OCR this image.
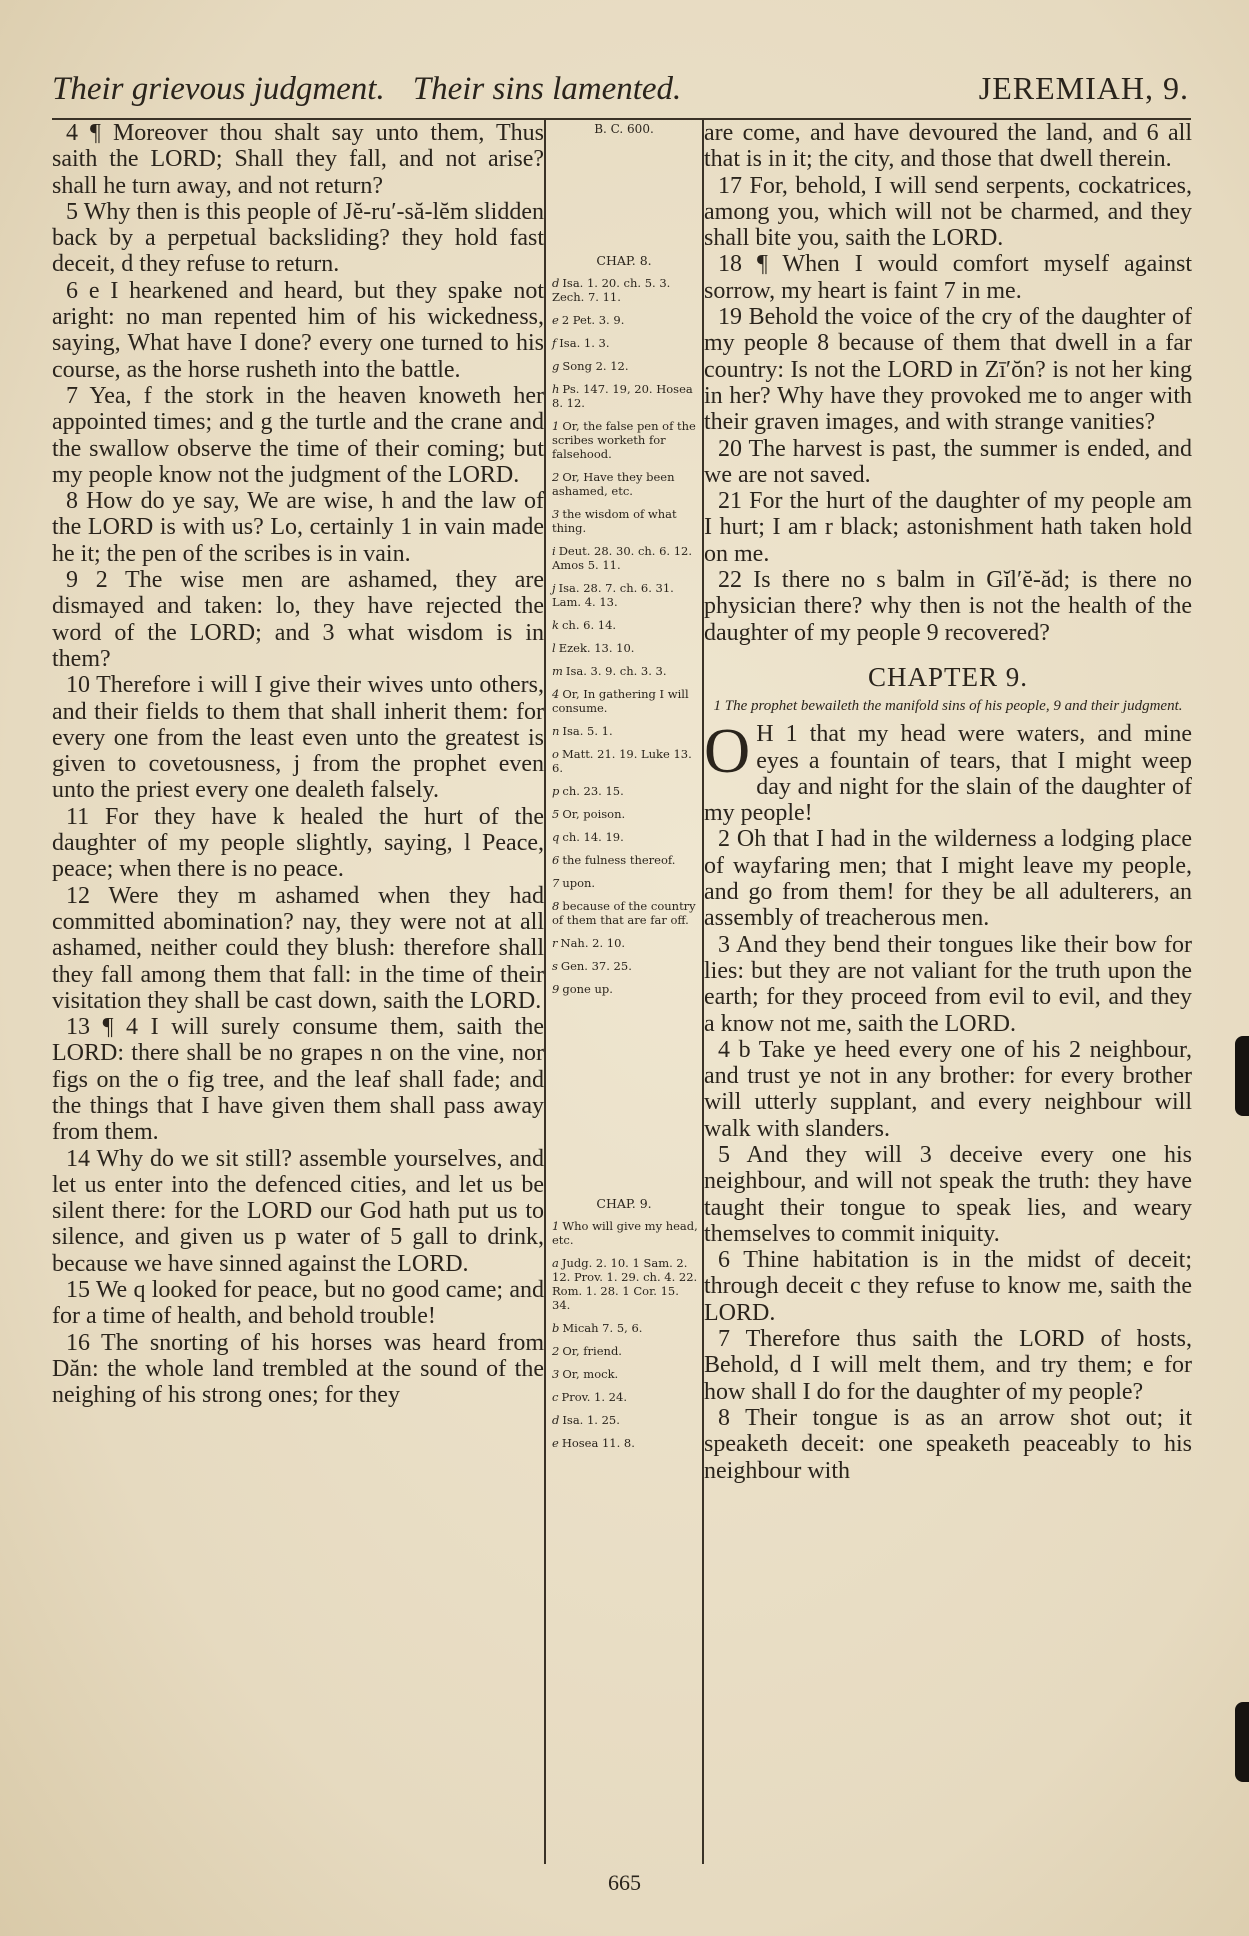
Their grievous judgment. Their sins lamented.	JEREMIAH, 9.

4 ¶ Moreover thou shalt say unto them, Thus saith the LORD; Shall they fall, and not arise? shall he turn away, and not return?

5 Why then is this people of Jĕ-ru′-să-lĕm slidden back by a perpetual backsliding? they hold fast deceit, d they refuse to return.

6 e I hearkened and heard, but they spake not aright: no man repented him of his wickedness, saying, What have I done? every one turned to his course, as the horse rusheth into the battle.

7 Yea, f the stork in the heaven knoweth her appointed times; and g the turtle and the crane and the swallow observe the time of their coming; but my people know not the judgment of the LORD.

8 How do ye say, We are wise, h and the law of the LORD is with us? Lo, certainly 1 in vain made he it; the pen of the scribes is in vain.

9 2 The wise men are ashamed, they are dismayed and taken: lo, they have rejected the word of the LORD; and 3 what wisdom is in them?

10 Therefore i will I give their wives unto others, and their fields to them that shall inherit them: for every one from the least even unto the greatest is given to covetousness, j from the prophet even unto the priest every one dealeth falsely.

11 For they have k healed the hurt of the daughter of my people slightly, saying, l Peace, peace; when there is no peace.

12 Were they m ashamed when they had committed abomination? nay, they were not at all ashamed, neither could they blush: therefore shall they fall among them that fall: in the time of their visitation they shall be cast down, saith the LORD.

13 ¶ 4 I will surely consume them, saith the LORD: there shall be no grapes n on the vine, nor figs on the o fig tree, and the leaf shall fade; and the things that I have given them shall pass away from them.

14 Why do we sit still? assemble yourselves, and let us enter into the defenced cities, and let us be silent there: for the LORD our God hath put us to silence, and given us p water of 5 gall to drink, because we have sinned against the LORD.

15 We q looked for peace, but no good came; and for a time of health, and behold trouble!

16 The snorting of his horses was heard from Dăn: the whole land trembled at the sound of the neighing of his strong ones; for they

B. C. 600.
CHAP. 8.
d Isa. 1. 20. ch. 5. 3. Zech. 7. 11.
e 2 Pet. 3. 9.
f Isa. 1. 3.
g Song 2. 12.
h Ps. 147. 19, 20. Hosea 8. 12.
1 Or, the false pen of the scribes worketh for falsehood.
2 Or, Have they been ashamed, etc.
3 the wisdom of what thing.
i Deut. 28. 30. ch. 6. 12. Amos 5. 11.
j Isa. 28. 7. ch. 6. 31. Lam. 4. 13.
k ch. 6. 14.
l Ezek. 13. 10.
m Isa. 3. 9. ch. 3. 3.
4 Or, In gathering I will consume.
n Isa. 5. 1.
o Matt. 21. 19. Luke 13. 6.
p ch. 23. 15.
5 Or, poison.
q ch. 14. 19.
6 the fulness thereof.
7 upon.
8 because of the country of them that are far off.
r Nah. 2. 10.
s Gen. 37. 25.
9 gone up.
CHAP. 9.
1 Who will give my head, etc.
a Judg. 2. 10. 1 Sam. 2. 12. Prov. 1. 29. ch. 4. 22. Rom. 1. 28. 1 Cor. 15. 34.
b Micah 7. 5, 6.
2 Or, friend.
3 Or, mock.
c Prov. 1. 24.
d Isa. 1. 25.
e Hosea 11. 8.

are come, and have devoured the land, and 6 all that is in it; the city, and those that dwell therein.

17 For, behold, I will send serpents, cockatrices, among you, which will not be charmed, and they shall bite you, saith the LORD.

18 ¶ When I would comfort myself against sorrow, my heart is faint 7 in me.

19 Behold the voice of the cry of the daughter of my people 8 because of them that dwell in a far country: Is not the LORD in Zī′ŏn? is not her king in her? Why have they provoked me to anger with their graven images, and with strange vanities?

20 The harvest is past, the summer is ended, and we are not saved.

21 For the hurt of the daughter of my people am I hurt; I am r black; astonishment hath taken hold on me.

22 Is there no s balm in Gĭl′ĕ-ăd; is there no physician there? why then is not the health of the daughter of my people 9 recovered?

CHAPTER 9.
1 The prophet bewaileth the manifold sins of his people, 9 and their judgment.

O H 1 that my head were waters, and mine eyes a fountain of tears, that I might weep day and night for the slain of the daughter of my people!

2 Oh that I had in the wilderness a lodging place of wayfaring men; that I might leave my people, and go from them! for they be all adulterers, an assembly of treacherous men.

3 And they bend their tongues like their bow for lies: but they are not valiant for the truth upon the earth; for they proceed from evil to evil, and they a know not me, saith the LORD.

4 b Take ye heed every one of his 2 neighbour, and trust ye not in any brother: for every brother will utterly supplant, and every neighbour will walk with slanders.

5 And they will 3 deceive every one his neighbour, and will not speak the truth: they have taught their tongue to speak lies, and weary themselves to commit iniquity.

6 Thine habitation is in the midst of deceit; through deceit c they refuse to know me, saith the LORD.

7 Therefore thus saith the LORD of hosts, Behold, d I will melt them, and try them; e for how shall I do for the daughter of my people?

8 Their tongue is as an arrow shot out; it speaketh deceit: one speaketh peaceably to his neighbour with

665
